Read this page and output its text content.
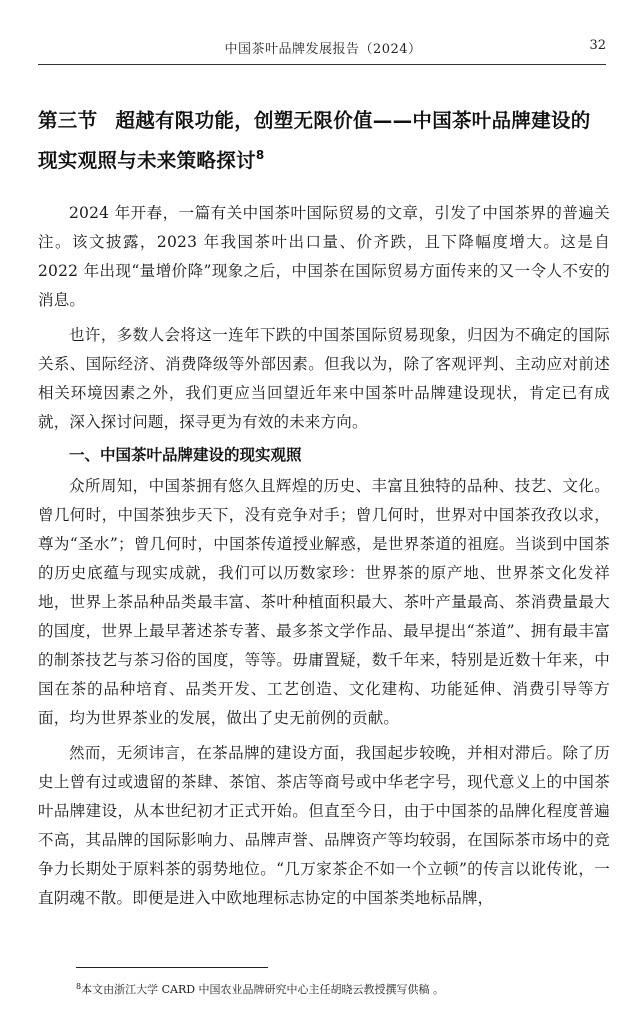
中国茶叶品牌发展报告（2024）	32
第三节 超越有限功能，创塑无限价值——中国茶叶品牌建设的现实观照与未来策略探讨$^8$

2024 年开春，一篇有关中国茶叶国际贸易的文章，引发了中国茶界的普遍关注。该文披露，2023 年我国茶叶出口量、价齐跌，且下降幅度增大。这是自 2022 年出现“量增价降”现象之后，中国茶在国际贸易方面传来的又一令人不安的消息。

也许，多数人会将这一连年下跌的中国茶国际贸易现象，归因为不确定的国际关系、国际经济、消费降级等外部因素。但我以为，除了客观评判、主动应对前述相关环境因素之外，我们更应当回望近年来中国茶叶品牌建设现状，肯定已有成就，深入探讨问题，探寻更为有效的未来方向。

一、中国茶叶品牌建设的现实观照

众所周知，中国茶拥有悠久且辉煌的历史、丰富且独特的品种、技艺、文化。曾几何时，中国茶独步天下，没有竞争对手；曾几何时，世界对中国茶孜孜以求，尊为“圣水”；曾几何时，中国茶传道授业解惑，是世界茶道的祖庭。当谈到中国茶的历史底蕴与现实成就，我们可以历数家珍：世界茶的原产地、世界茶文化发祥地，世界上茶品种品类最丰富、茶叶种植面积最大、茶叶产量最高、茶消费量最大的国度，世界上最早著述茶专著、最多茶文学作品、最早提出“茶道”、拥有最丰富的制茶技艺与茶习俗的国度，等等。毋庸置疑，数千年来，特别是近数十年来，中国在茶的品种培育、品类开发、工艺创造、文化建构、功能延伸、消费引导等方面，均为世界茶业的发展，做出了史无前例的贡献。

然而，无须讳言，在茶品牌的建设方面，我国起步较晚，并相对滞后。除了历史上曾有过或遗留的茶肆、茶馆、茶店等商号或中华老字号，现代意义上的中国茶叶品牌建设，从本世纪初才正式开始。但直至今日，由于中国茶的品牌化程度普遍不高，其品牌的国际影响力、品牌声誉、品牌资产等均较弱，在国际茶市场中的竞争力长期处于原料茶的弱势地位。“几万家茶企不如一个立顿”的传言以讹传讹，一直阴魂不散。即便是进入中欧地理标志协定的中国茶类地标品牌，

$^8$本文由浙江大学 CARD 中国农业品牌研究中心主任胡晓云教授撰写供稿 。
